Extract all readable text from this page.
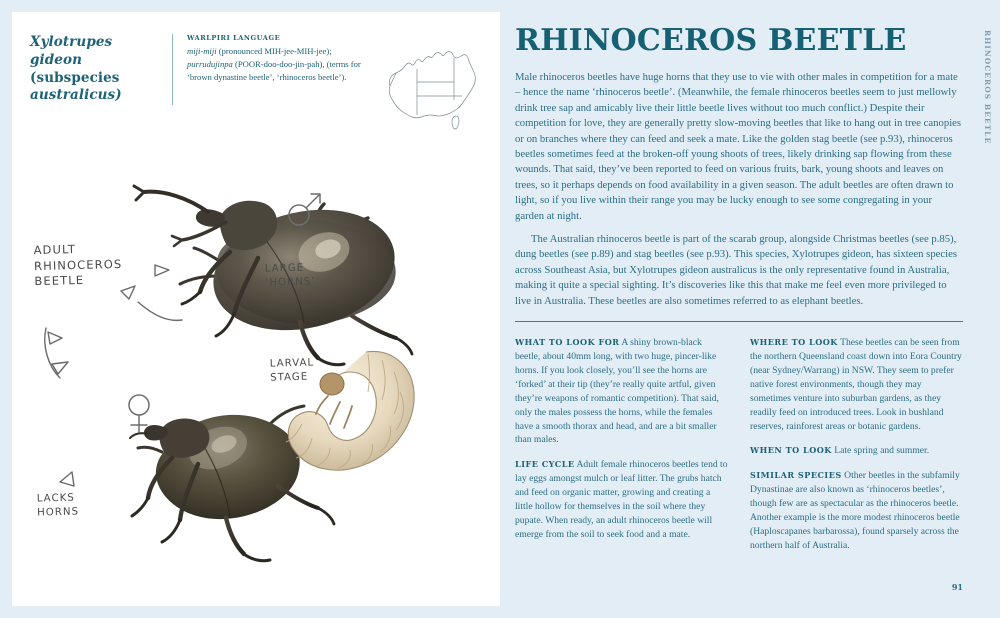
Xylotrupes gideon
(subspecies
australicus)
WARLPIRI LANGUAGE
miji-miji (pronounced MIH-jee-MIH-jee); purrudujinpa (POOR-doo-doo-jin-pah), (terms for ‘brown dynastine beetle’, ‘rhinoceros beetle’).
ADULT
RHINOCEROS
BEETLE
LARGE
‘HORNS’
LARVAL
STAGE
LACKS
HORNS
RHINOCEROS BEETLE

Male rhinoceros beetles have huge horns that they use to vie with other males in competition for a mate – hence the name ‘rhinoceros beetle’. (Meanwhile, the female rhinoceros beetles seem to just mellowly drink tree sap and amicably live their little beetle lives without too much conflict.) Despite their competition for love, they are generally pretty slow-moving beetles that like to hang out in tree canopies or on branches where they can feed and seek a mate. Like the golden stag beetle (see p.93), rhinoceros beetles sometimes feed at the broken-off young shoots of trees, likely drinking sap flowing from these wounds. That said, they’ve been reported to feed on various fruits, bark, young shoots and leaves on trees, so it perhaps depends on food availability in a given season. The adult beetles are often drawn to light, so if you live within their range you may be lucky enough to see some congregating in your garden at night.

The Australian rhinoceros beetle is part of the scarab group, alongside Christmas beetles (see p.85), dung beetles (see p.89) and stag beetles (see p.93). This species, Xylotrupes gideon, has sixteen species across Southeast Asia, but Xylotrupes gideon australicus is the only representative found in Australia, making it quite a special sighting. It’s discoveries like this that make me feel even more privileged to live in Australia. These beetles are also sometimes referred to as elephant beetles.

WHAT TO LOOK FOR A shiny brown-black beetle, about 40mm long, with two huge, pincer-like horns. If you look closely, you’ll see the horns are ‘forked’ at their tip (they’re really quite artful, given they’re weapons of romantic competition). That said, only the males possess the horns, while the females have a smooth thorax and head, and are a bit smaller than males.
LIFE CYCLE Adult female rhinoceros beetles tend to lay eggs amongst mulch or leaf litter. The grubs hatch and feed on organic matter, growing and creating a little hollow for themselves in the soil where they pupate. When ready, an adult rhinoceros beetle will emerge from the soil to seek food and a mate.
WHERE TO LOOK These beetles can be seen from the northern Queensland coast down into Eora Country (near Sydney/Warrang) in NSW. They seem to prefer native forest environments, though they may sometimes venture into suburban gardens, as they readily feed on introduced trees. Look in bushland reserves, rainforest areas or botanic gardens.
WHEN TO LOOK Late spring and summer.
SIMILAR SPECIES Other beetles in the subfamily Dynastinae are also known as ‘rhinoceros beetles’, though few are as spectacular as the rhinoceros beetle. Another example is the more modest rhinoceros beetle (Haploscapanes barbarossa), found sparsely across the northern half of Australia.
91
RHINOCEROS BEETLE
